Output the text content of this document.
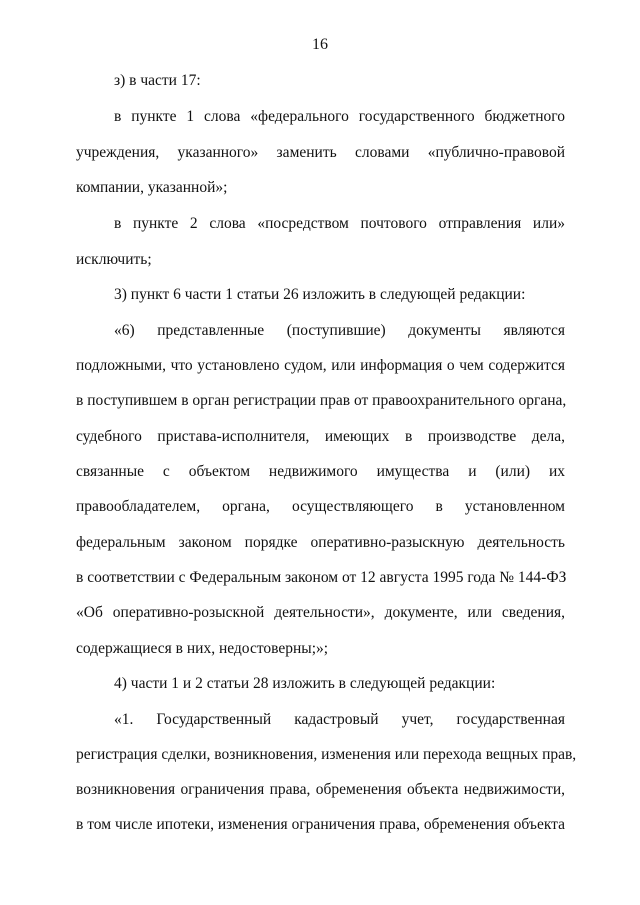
16
з) в части 17:
в пункте 1 слова «федерального государственного бюджетного
учреждения, указанного» заменить словами «публично-правовой
компании, указанной»;
в пункте 2 слова «посредством почтового отправления или»
исключить;
3) пункт 6 части 1 статьи 26 изложить в следующей редакции:
«6) представленные (поступившие) документы являются
подложными, что установлено судом, или информация о чем содержится
в поступившем в орган регистрации прав от правоохранительного органа,
судебного пристава-исполнителя, имеющих в производстве дела,
связанные с объектом недвижимого имущества и (или) их
правообладателем, органа, осуществляющего в установленном
федеральным законом порядке оперативно-разыскную деятельность
в соответствии с Федеральным законом от 12 августа 1995 года № 144-ФЗ
«Об оперативно-розыскной деятельности», документе, или сведения,
содержащиеся в них, недостоверны;»;
4) части 1 и 2 статьи 28 изложить в следующей редакции:
«1. Государственный кадастровый учет, государственная
регистрация сделки, возникновения, изменения или перехода вещных прав,
возникновения ограничения права, обременения объекта недвижимости,
в том числе ипотеки, изменения ограничения права, обременения объекта
